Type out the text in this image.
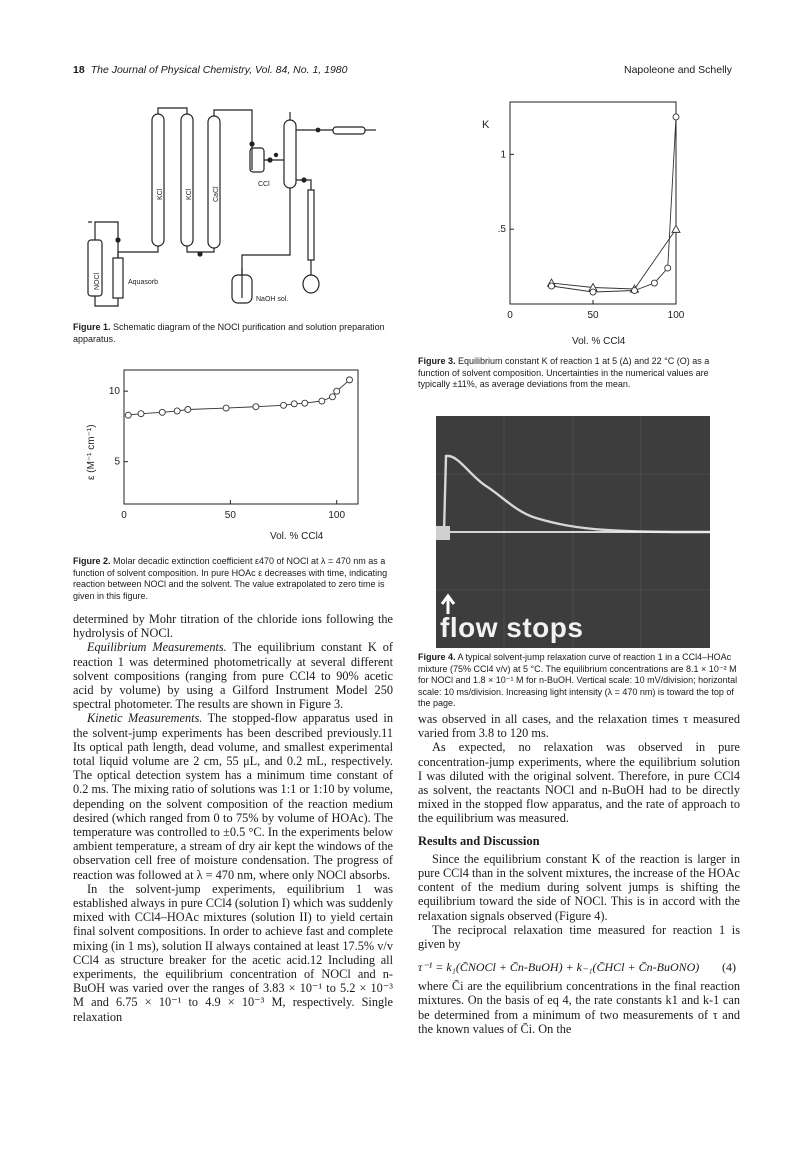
18 The Journal of Physical Chemistry, Vol. 84, No. 1, 1980	Napoleone and Schelly
KCl	KCl	CaCl
CCl
NOCl	Aquasorb
NaOH sol.
Figure 1. Schematic diagram of the NOCl purification and solution preparation apparatus.
0	50	100
5
10
ε (M⁻¹ cm⁻¹)
Vol. % CCl4
Figure 2. Molar decadic extinction coefficient ε470 of NOCl at λ = 470 nm as a function of solvent composition. In pure HOAc ε decreases with time, indicating reaction between NOCl and the solvent. The value extrapolated to zero time is given in this figure.

determined by Mohr titration of the chloride ions following the hydrolysis of NOCl.

Equilibrium Measurements. The equilibrium constant K of reaction 1 was determined photometrically at several different solvent compositions (ranging from pure CCl4 to 90% acetic acid by volume) by using a Gilford Instrument Model 250 spectral photometer. The results are shown in Figure 3.

Kinetic Measurements. The stopped-flow apparatus used in the solvent-jump experiments has been described previously.11 Its optical path length, dead volume, and smallest experimental total liquid volume are 2 cm, 55 μL, and 0.2 mL, respectively. The optical detection system has a minimum time constant of 0.2 ms. The mixing ratio of solutions was 1:1 or 1:10 by volume, depending on the solvent composition of the reaction medium desired (which ranged from 0 to 75% by volume of HOAc). The temperature was controlled to ±0.5 °C. In the experiments below ambient temperature, a stream of dry air kept the windows of the observation cell free of moisture condensation. The progress of reaction was followed at λ = 470 nm, where only NOCl absorbs.

In the solvent-jump experiments, equilibrium 1 was established always in pure CCl4 (solution I) which was suddenly mixed with CCl4–HOAc mixtures (solution II) to yield certain final solvent compositions. In order to achieve fast and complete mixing (in 1 ms), solution II always contained at least 17.5% v/v CCl4 as structure breaker for the acetic acid.12 Including all experiments, the equilibrium concentration of NOCl and n-BuOH was varied over the ranges of 3.83 × 10⁻¹ to 5.2 × 10⁻³ M and 6.75 × 10⁻¹ to 4.9 × 10⁻³ M, respectively. Single relaxation

0	50	100
.5
1
K
Vol. % CCl4
Figure 3. Equilibrium constant K of reaction 1 at 5 (Δ) and 22 °C (O) as a function of solvent composition. Uncertainties in the numerical values are typically ±11%, as average deviations from the mean.
flow stops
Figure 4. A typical solvent-jump relaxation curve of reaction 1 in a CCl4–HOAc mixture (75% CCl4 v/v) at 5 °C. The equilibrium concentrations are 8.1 × 10⁻² M for NOCl and 1.8 × 10⁻¹ M for n-BuOH. Vertical scale: 10 mV/division; horizontal scale: 10 ms/division. Increasing light intensity (λ = 470 nm) is toward the top of the page.

was observed in all cases, and the relaxation times τ measured varied from 3.8 to 120 ms.

As expected, no relaxation was observed in pure concentration-jump experiments, where the equilibrium solution I was diluted with the original solvent. Therefore, in pure CCl4 as solvent, the reactants NOCl and n-BuOH had to be directly mixed in the stopped flow apparatus, and the rate of approach to the equilibrium was measured.

Results and Discussion

Since the equilibrium constant K of the reaction is larger in pure CCl4 than in the solvent mixtures, the increase of the HOAc content of the medium during solvent jumps is shifting the equilibrium toward the side of NOCl. This is in accord with the relaxation signals observed (Figure 4).

The reciprocal relaxation time measured for reaction 1 is given by

τ⁻¹ = k₁(C̄NOCl + C̄n-BuOH) + k₋₁(C̄HCl + C̄n-BuONO) (4)

where C̄i are the equilibrium concentrations in the final reaction mixtures. On the basis of eq 4, the rate constants k1 and k-1 can be determined from a minimum of two measurements of τ and the known values of C̄i. On the
